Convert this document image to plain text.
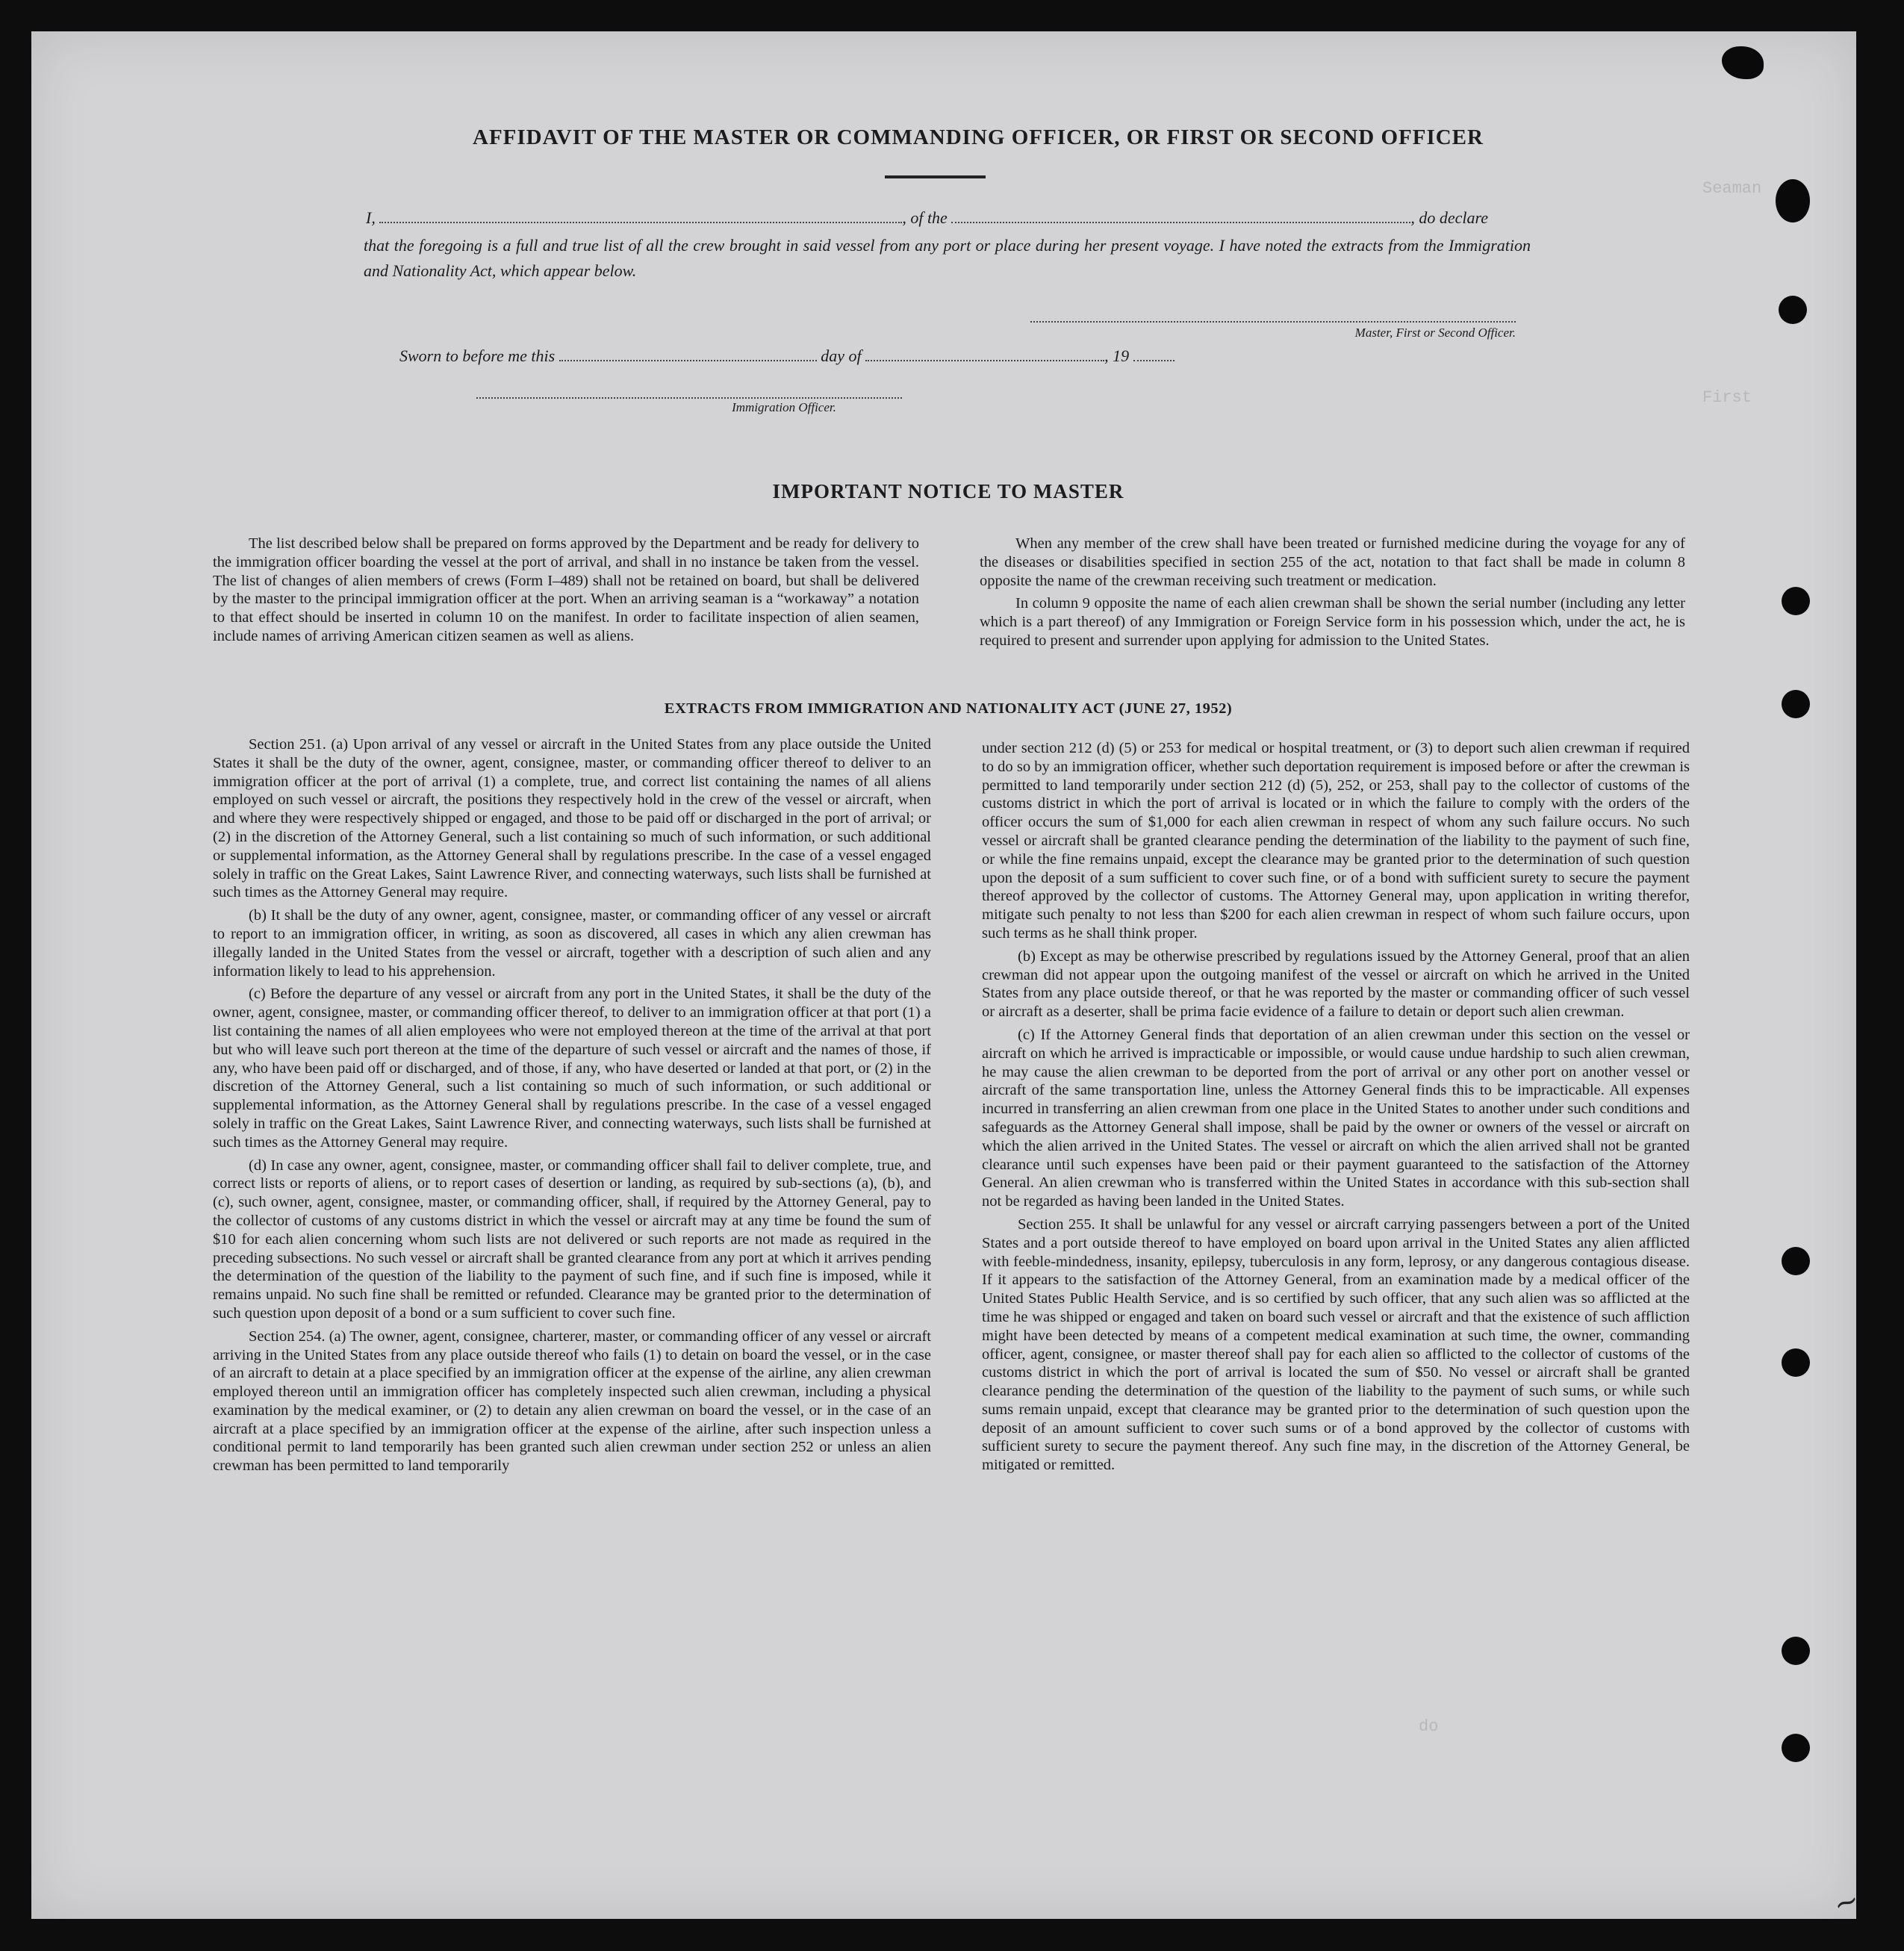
Seaman
First
do
AFFIDAVIT OF THE MASTER OR COMMANDING OFFICER, OR FIRST OR SECOND OFFICER
I,	, of the	, do declare
that the foregoing is a full and true list of all the crew brought in said vessel from any port or place during her present voyage. I have noted the extracts from the Immigration and Nationality Act, which appear below.
Master, First or Second Officer.
Sworn to before me this	day of	, 19
Immigration Officer.
IMPORTANT NOTICE TO MASTER

The list described below shall be prepared on forms approved by the Department and be ready for delivery to the immigration officer boarding the vessel at the port of arrival, and shall in no instance be taken from the vessel. The list of changes of alien members of crews (Form I–489) shall not be retained on board, but shall be delivered by the master to the principal immigration officer at the port. When an arriving seaman is a “workaway” a notation to that effect should be inserted in column 10 on the manifest. In order to facilitate inspection of alien seamen, include names of arriving American citizen seamen as well as aliens.

When any member of the crew shall have been treated or furnished medicine during the voyage for any of the diseases or disabilities specified in section 255 of the act, notation to that fact shall be made in column 8 opposite the name of the crewman receiving such treatment or medication.

In column 9 opposite the name of each alien crewman shall be shown the serial number (including any letter which is a part thereof) of any Immigration or Foreign Service form in his possession which, under the act, he is required to present and surrender upon applying for admission to the United States.

EXTRACTS FROM IMMIGRATION AND NATIONALITY ACT (JUNE 27, 1952)

Section 251. (a) Upon arrival of any vessel or aircraft in the United States from any place outside the United States it shall be the duty of the owner, agent, consignee, master, or commanding officer thereof to deliver to an immigration officer at the port of arrival (1) a complete, true, and correct list containing the names of all aliens employed on such vessel or aircraft, the positions they respectively hold in the crew of the vessel or aircraft, when and where they were respectively shipped or engaged, and those to be paid off or discharged in the port of arrival; or (2) in the discretion of the Attorney General, such a list containing so much of such information, or such additional or supplemental information, as the Attorney General shall by regulations prescribe. In the case of a vessel engaged solely in traffic on the Great Lakes, Saint Lawrence River, and connecting waterways, such lists shall be furnished at such times as the Attorney General may require.

(b) It shall be the duty of any owner, agent, consignee, master, or commanding officer of any vessel or aircraft to report to an immigration officer, in writing, as soon as discovered, all cases in which any alien crewman has illegally landed in the United States from the vessel or aircraft, together with a description of such alien and any information likely to lead to his apprehension.

(c) Before the departure of any vessel or aircraft from any port in the United States, it shall be the duty of the owner, agent, consignee, master, or commanding officer thereof, to deliver to an immigration officer at that port (1) a list containing the names of all alien employees who were not employed thereon at the time of the arrival at that port but who will leave such port thereon at the time of the departure of such vessel or aircraft and the names of those, if any, who have been paid off or discharged, and of those, if any, who have deserted or landed at that port, or (2) in the discretion of the Attorney General, such a list containing so much of such information, or such additional or supplemental information, as the Attorney General shall by regulations prescribe. In the case of a vessel engaged solely in traffic on the Great Lakes, Saint Lawrence River, and connecting waterways, such lists shall be furnished at such times as the Attorney General may require.

(d) In case any owner, agent, consignee, master, or commanding officer shall fail to deliver complete, true, and correct lists or reports of aliens, or to report cases of desertion or landing, as required by sub-sections (a), (b), and (c), such owner, agent, consignee, master, or commanding officer, shall, if required by the Attorney General, pay to the collector of customs of any customs district in which the vessel or aircraft may at any time be found the sum of $10 for each alien concerning whom such lists are not delivered or such reports are not made as required in the preceding subsections. No such vessel or aircraft shall be granted clearance from any port at which it arrives pending the determination of the question of the liability to the payment of such fine, and if such fine is imposed, while it remains unpaid. No such fine shall be remitted or refunded. Clearance may be granted prior to the determination of such question upon deposit of a bond or a sum sufficient to cover such fine.

Section 254. (a) The owner, agent, consignee, charterer, master, or commanding officer of any vessel or aircraft arriving in the United States from any place outside thereof who fails (1) to detain on board the vessel, or in the case of an aircraft to detain at a place specified by an immigration officer at the expense of the airline, any alien crewman employed thereon until an immigration officer has completely inspected such alien crewman, including a physical examination by the medical examiner, or (2) to detain any alien crewman on board the vessel, or in the case of an aircraft at a place specified by an immigration officer at the expense of the airline, after such inspection unless a conditional permit to land temporarily has been granted such alien crewman under section 252 or unless an alien crewman has been permitted to land temporarily

under section 212 (d) (5) or 253 for medical or hospital treatment, or (3) to deport such alien crewman if required to do so by an immigration officer, whether such deportation requirement is imposed before or after the crewman is permitted to land temporarily under section 212 (d) (5), 252, or 253, shall pay to the collector of customs of the customs district in which the port of arrival is located or in which the failure to comply with the orders of the officer occurs the sum of $1,000 for each alien crewman in respect of whom any such failure occurs. No such vessel or aircraft shall be granted clearance pending the determination of the liability to the payment of such fine, or while the fine remains unpaid, except the clearance may be granted prior to the determination of such question upon the deposit of a sum sufficient to cover such fine, or of a bond with sufficient surety to secure the payment thereof approved by the collector of customs. The Attorney General may, upon application in writing therefor, mitigate such penalty to not less than $200 for each alien crewman in respect of whom such failure occurs, upon such terms as he shall think proper.

(b) Except as may be otherwise prescribed by regulations issued by the Attorney General, proof that an alien crewman did not appear upon the outgoing manifest of the vessel or aircraft on which he arrived in the United States from any place outside thereof, or that he was reported by the master or commanding officer of such vessel or aircraft as a deserter, shall be prima facie evidence of a failure to detain or deport such alien crewman.

(c) If the Attorney General finds that deportation of an alien crewman under this section on the vessel or aircraft on which he arrived is impracticable or impossible, or would cause undue hardship to such alien crewman, he may cause the alien crewman to be deported from the port of arrival or any other port on another vessel or aircraft of the same transportation line, unless the Attorney General finds this to be impracticable. All expenses incurred in transferring an alien crewman from one place in the United States to another under such conditions and safeguards as the Attorney General shall impose, shall be paid by the owner or owners of the vessel or aircraft on which the alien arrived in the United States. The vessel or aircraft on which the alien arrived shall not be granted clearance until such expenses have been paid or their payment guaranteed to the satisfaction of the Attorney General. An alien crewman who is transferred within the United States in accordance with this sub-section shall not be regarded as having been landed in the United States.

Section 255. It shall be unlawful for any vessel or aircraft carrying passengers between a port of the United States and a port outside thereof to have employed on board upon arrival in the United States any alien afflicted with feeble-mindedness, insanity, epilepsy, tuberculosis in any form, leprosy, or any dangerous contagious disease. If it appears to the satisfaction of the Attorney General, from an examination made by a medical officer of the United States Public Health Service, and is so certified by such officer, that any such alien was so afflicted at the time he was shipped or engaged and taken on board such vessel or aircraft and that the existence of such affliction might have been detected by means of a competent medical examination at such time, the owner, commanding officer, agent, consignee, or master thereof shall pay for each alien so afflicted to the collector of customs of the customs district in which the port of arrival is located the sum of $50. No vessel or aircraft shall be granted clearance pending the determination of the question of the liability to the payment of such sums, or while such sums remain unpaid, except that clearance may be granted prior to the determination of such question upon the deposit of an amount sufficient to cover such sums or of a bond approved by the collector of customs with sufficient surety to secure the payment thereof. Any such fine may, in the discretion of the Attorney General, be mitigated or remitted.

~
